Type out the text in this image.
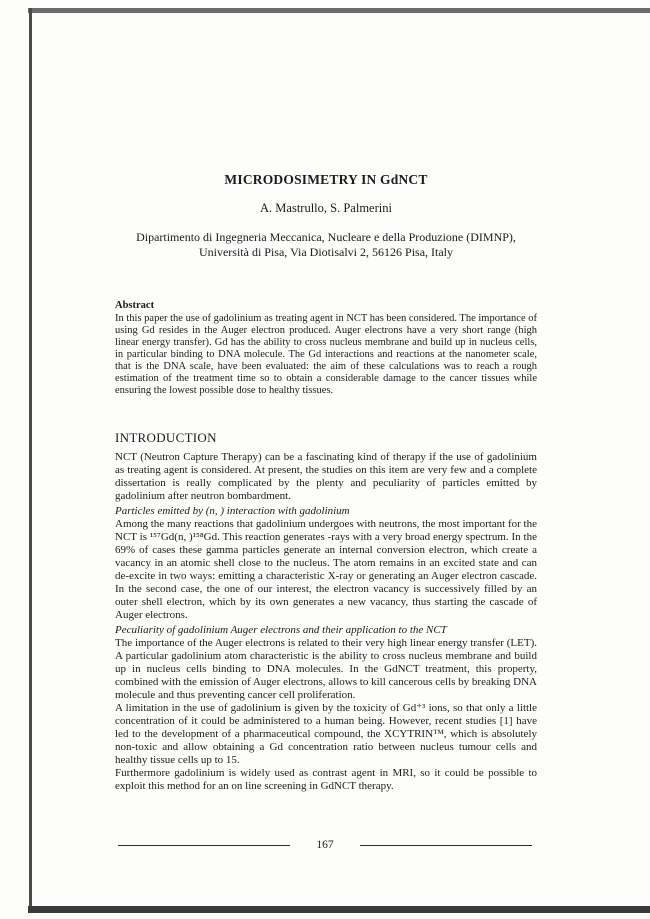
MICRODOSIMETRY IN GdNCT
A. Mastrullo, S. Palmerini
Dipartimento di Ingegneria Meccanica, Nucleare e della Produzione (DIMNP),
Università di Pisa, Via Diotisalvi 2, 56126 Pisa, Italy
Abstract

In this paper the use of gadolinium as treating agent in NCT has been considered. The importance of using Gd resides in the Auger electron produced. Auger electrons have a very short range (high linear energy transfer). Gd has the ability to cross nucleus membrane and build up in nucleus cells, in particular binding to DNA molecule. The Gd interactions and reactions at the nanometer scale, that is the DNA scale, have been evaluated: the aim of these calculations was to reach a rough estimation of the treatment time so to obtain a considerable damage to the cancer tissues while ensuring the lowest possible dose to healthy tissues.

INTRODUCTION

NCT (Neutron Capture Therapy) can be a fascinating kind of therapy if the use of gadolinium as treating agent is considered. At present, the studies on this item are very few and a complete dissertation is really complicated by the plenty and peculiarity of particles emitted by gadolinium after neutron bombardment.

Particles emitted by (n, ) interaction with gadolinium

Among the many reactions that gadolinium undergoes with neutrons, the most important for the NCT is ¹⁵⁷Gd(n, )¹⁵⁸Gd. This reaction generates -rays with a very broad energy spectrum. In the 69% of cases these gamma particles generate an internal conversion electron, which create a vacancy in an atomic shell close to the nucleus. The atom remains in an excited state and can de-excite in two ways: emitting a characteristic X-ray or generating an Auger electron cascade. In the second case, the one of our interest, the electron vacancy is successively filled by an outer shell electron, which by its own generates a new vacancy, thus starting the cascade of Auger electrons.

Peculiarity of gadolinium Auger electrons and their application to the NCT

The importance of the Auger electrons is related to their very high linear energy transfer (LET). A particular gadolinium atom characteristic is the ability to cross nucleus membrane and build up in nucleus cells binding to DNA molecules. In the GdNCT treatment, this property, combined with the emission of Auger electrons, allows to kill cancerous cells by breaking DNA molecule and thus preventing cancer cell proliferation.

A limitation in the use of gadolinium is given by the toxicity of Gd⁺³ ions, so that only a little concentration of it could be administered to a human being. However, recent studies [1] have led to the development of a pharmaceutical compound, the XCYTRIN™, which is absolutely non-toxic and allow obtaining a Gd concentration ratio between nucleus tumour cells and healthy tissue cells up to 15.

Furthermore gadolinium is widely used as contrast agent in MRI, so it could be possible to exploit this method for an on line screening in GdNCT therapy.

167
